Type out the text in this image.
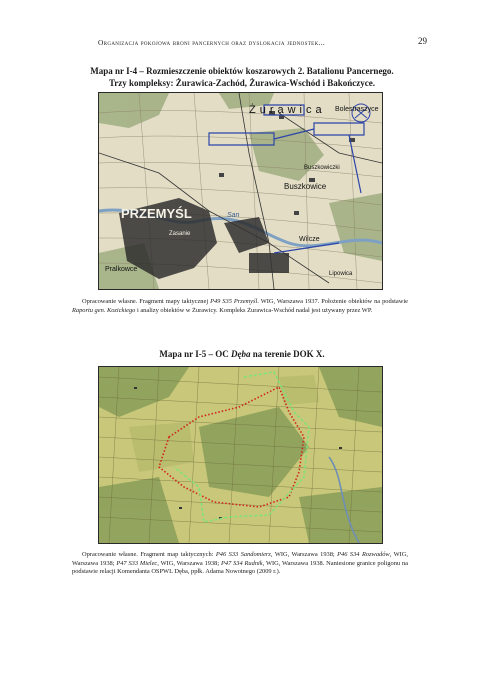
Organizacja pokojowa broni pancernych oraz dyslokacja jednostek...	29
Mapa nr I-4 – Rozmieszczenie obiektów koszarowych 2. Batalionu Pancernego.
Trzy kompleksy: Żurawica-Zachód, Żurawica-Wschód i Bakończyce.
PRZEMYŚL
Żurawica
Buszkowice
Bolestraszyce
Buszkowiczki
Wilcze
Lipowica
Pralkowce
Zasanie
San
Opracowanie własne. Fragment mapy taktycznej P49 S35 Przemyśl. WIG, Warszawa 1937. Położenie obiektów na podstawie Raportu gen. Kozickiego i analizy obiektów w Żurawicy. Kompleks Żurawica-Wschód nadal jest używany przez WP.
Mapa nr I-5 – OC Dęba na terenie DOK X.
Opracowanie własne. Fragment map taktycznych: P46 S33 Sandomierz, WIG, Warszawa 1938; P46 S34 Rozwadów, WIG, Warszawa 1938; P47 S33 Mielec, WIG, Warszawa 1938; P47 S34 Rudnik, WIG, Warszawa 1938. Naniesione granice poligonu na podstawie relacji Komendanta OSPWL Dęba, ppłk. Adama Nowotnego (2009 r.).
